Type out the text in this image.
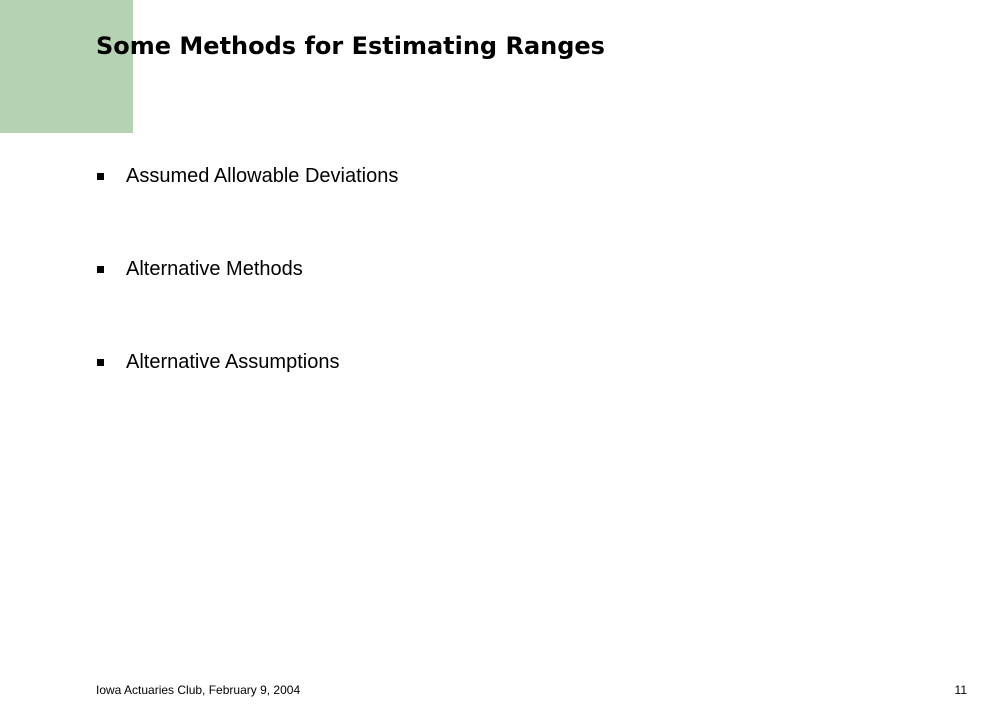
Some Methods for Estimating Ranges
Assumed Allowable Deviations
Alternative Methods
Alternative Assumptions
Iowa Actuaries Club, February 9, 2004	11
